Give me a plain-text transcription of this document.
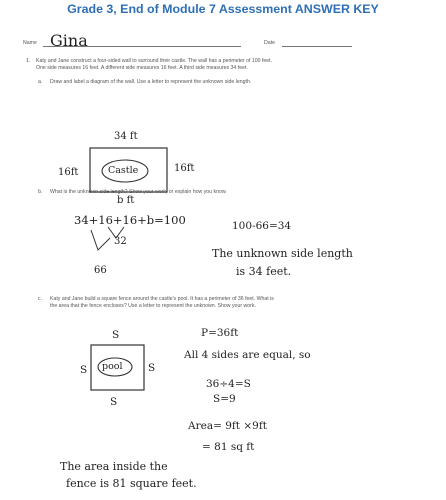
Grade 3, End of Module 7 Assessment ANSWER KEY
Name Gina	Date
1. Katy and Jane construct a four-sided wall to surround their castle. The wall has a perimeter of 100 feet.
One side measures 16 feet. A different side measures 16 feet. A third side measures 34 feet.
a. Draw and label a diagram of the wall. Use a letter to represent the unknown side length.
34 ft
16ft	16ft
b ft
Castle
b. What is the unknown side length? Show your work, or explain how you know.
34+16+16+b=100
32
66
100-66=34
The unknown side length
is 34 feet.
c. Katy and Jane build a square fence around the castle's pool. It has a perimeter of 36 feet. What is
the area that the fence encloses? Use a letter to represent the unknown. Show your work.
S
S	S
S
pool
P=36ft
All 4 sides are equal, so
36÷4=S
S=9
Area= 9ft ×9ft
= 81 sq ft
The area inside the
fence is 81 square feet.
